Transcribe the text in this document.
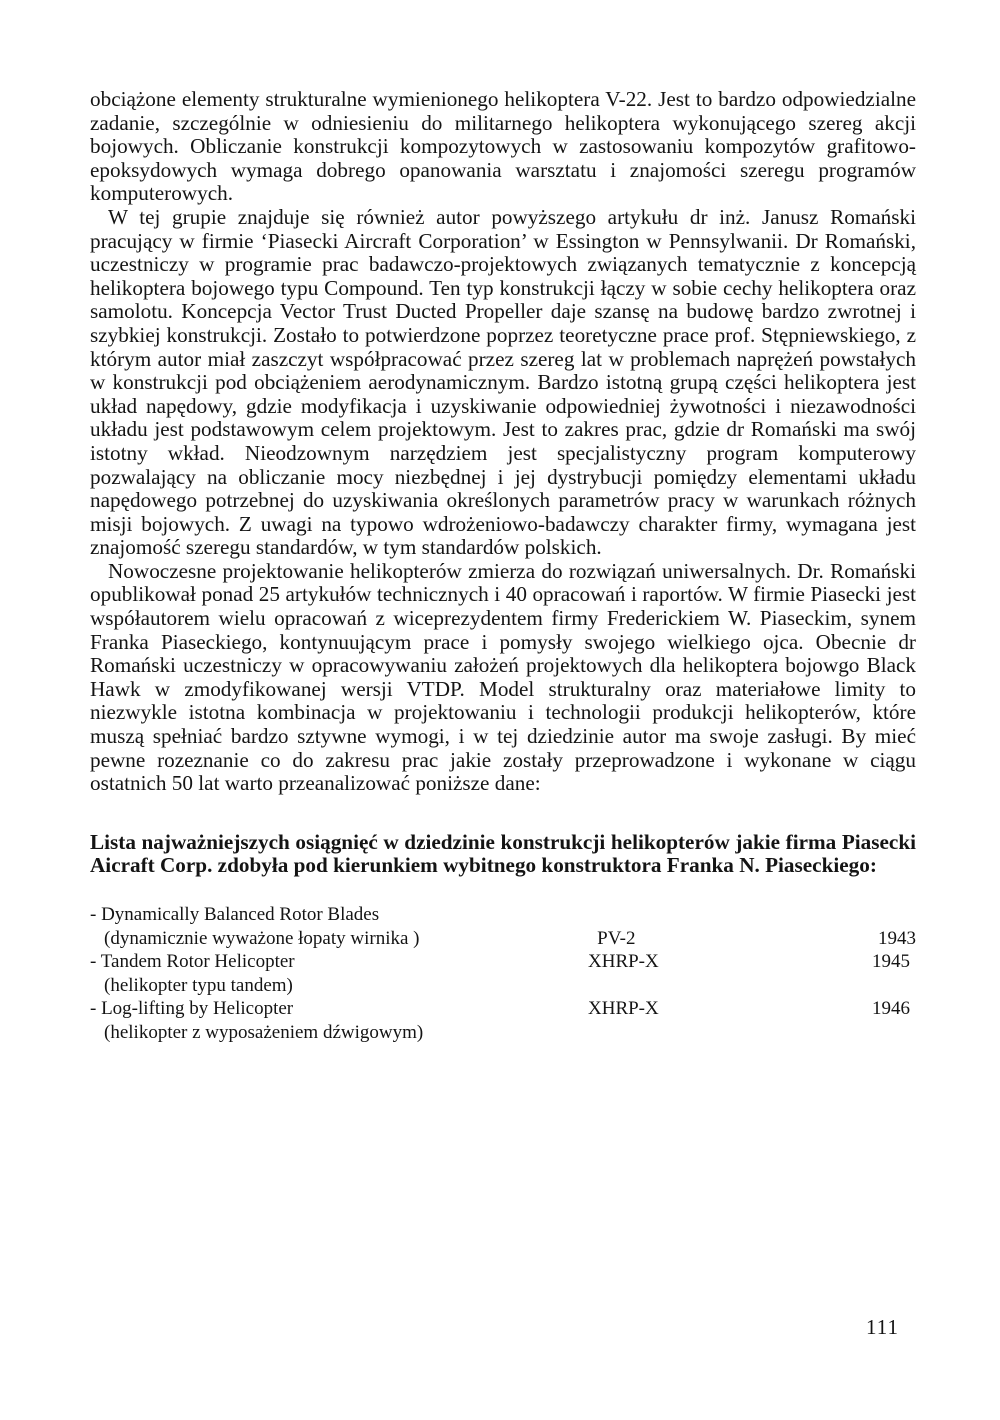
obciążone elementy strukturalne wymienionego helikoptera V-22. Jest to bardzo odpowiedzialne zadanie, szczególnie w odniesieniu do militarnego helikoptera wykonującego szereg akcji bojowych. Obliczanie konstrukcji kompozytowych w zastosowaniu kompozytów grafitowo-epoksydowych wymaga dobrego opanowania warsztatu i znajomości szeregu programów komputerowych.

W tej grupie znajduje się również autor powyższego artykułu dr inż. Janusz Romański pracujący w firmie ‘Piasecki Aircraft Corporation’ w Essington w Pennsylwanii. Dr Romański, uczestniczy w programie prac badawczo-projektowych związanych tematycznie z koncepcją helikoptera bojowego typu Compound. Ten typ konstrukcji łączy w sobie cechy helikoptera oraz samolotu. Koncepcja Vector Trust Ducted Propeller daje szansę na budowę bardzo zwrotnej i szybkiej konstrukcji. Zostało to potwierdzone poprzez teoretyczne prace prof. Stępniewskiego, z którym autor miał zaszczyt współpracować przez szereg lat w problemach naprężeń powstałych w konstrukcji pod obciążeniem aerodynamicznym. Bardzo istotną grupą części helikoptera jest układ napędowy, gdzie modyfikacja i uzyskiwanie odpowiedniej żywotności i niezawodności układu jest podstawowym celem projektowym. Jest to zakres prac, gdzie dr Romański ma swój istotny wkład. Nieodzownym narzędziem jest specjalistyczny program komputerowy pozwalający na obliczanie mocy niezbędnej i jej dystrybucji pomiędzy elementami układu napędowego potrzebnej do uzyskiwania określonych parametrów pracy w warunkach różnych misji bojowych. Z uwagi na typowo wdrożeniowo-badawczy charakter firmy, wymagana jest znajomość szeregu standardów, w tym standardów polskich.

Nowoczesne projektowanie helikopterów zmierza do rozwiązań uniwersalnych. Dr. Romański opublikował ponad 25 artykułów technicznych i 40 opracowań i raportów. W firmie Piasecki jest współautorem wielu opracowań z wiceprezydentem firmy Frederickiem W. Piaseckim, synem Franka Piaseckiego, kontynuującym prace i pomysły swojego wielkiego ojca. Obecnie dr Romański uczestniczy w opracowywaniu założeń projektowych dla helikoptera bojowgo Black Hawk w zmodyfikowanej wersji VTDP. Model strukturalny oraz materiałowe limity to niezwykle istotna kombinacja w projektowaniu i technologii produkcji helikopterów, które muszą spełniać bardzo sztywne wymogi, i w tej dziedzinie autor ma swoje zasługi. By mieć pewne rozeznanie co do zakresu prac jakie zostały przeprowadzone i wykonane w ciągu ostatnich 50 lat warto przeanalizować poniższe dane:

Lista najważniejszych osiągnięć w dziedzinie konstrukcji helikopterów jakie firma Piasecki Aicraft Corp. zdobyła pod kierunkiem wybitnego konstruktora Franka N. Piaseckiego:
- Dynamically Balanced Rotor Blades
(dynamicznie wyważone łopaty wirnika )	PV-2	1943
- Tandem Rotor Helicopter	XHRP-X	1945
(helikopter typu tandem)
- Log-lifting by Helicopter	XHRP-X	1946
(helikopter z wyposażeniem dźwigowym)
111
